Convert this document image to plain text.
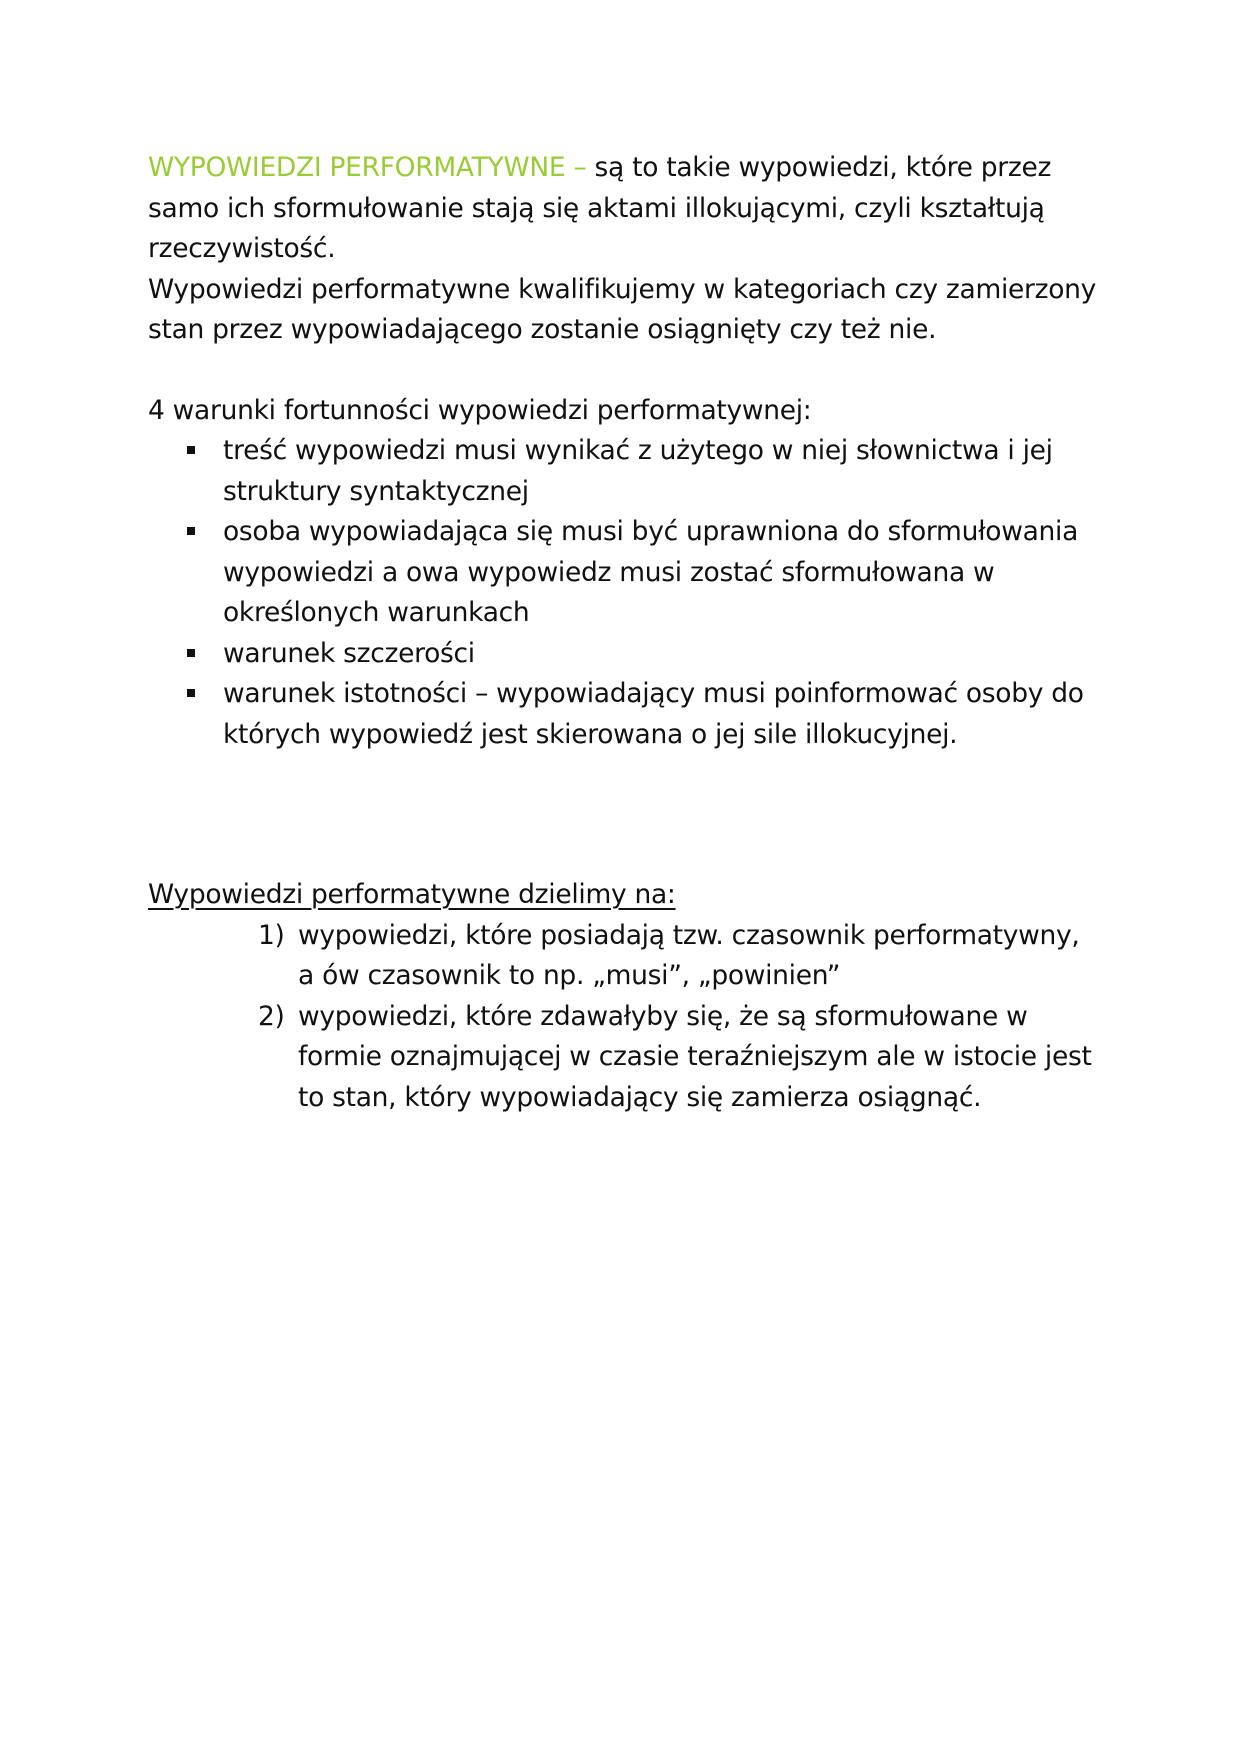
WYPOWIEDZI PERFORMATYWNE – są to takie wypowiedzi, które przez samo ich sformułowanie stają się aktami illokującymi, czyli kształtują rzeczywistość.

Wypowiedzi performatywne kwalifikujemy w kategoriach czy zamierzony stan przez wypowiadającego zostanie osiągnięty czy też nie.

4 warunki fortunności wypowiedzi performatywnej:

treść wypowiedzi musi wynikać z użytego w niej słownictwa i jej struktury syntaktycznej
osoba wypowiadająca się musi być uprawniona do sformułowania wypowiedzi a owa wypowiedz musi zostać sformułowana w określonych warunkach
warunek szczerości
warunek istotności – wypowiadający musi poinformować osoby do których wypowiedź jest skierowana o jej sile illokucyjnej.

Wypowiedzi performatywne dzielimy na:

1) wypowiedzi, które posiadają tzw. czasownik performatywny, a ów czasownik to np. „musi”, „powinien”
2) wypowiedzi, które zdawałyby się, że są sformułowane w formie oznajmującej w czasie teraźniejszym ale w istocie jest to stan, który wypowiadający się zamierza osiągnąć.
